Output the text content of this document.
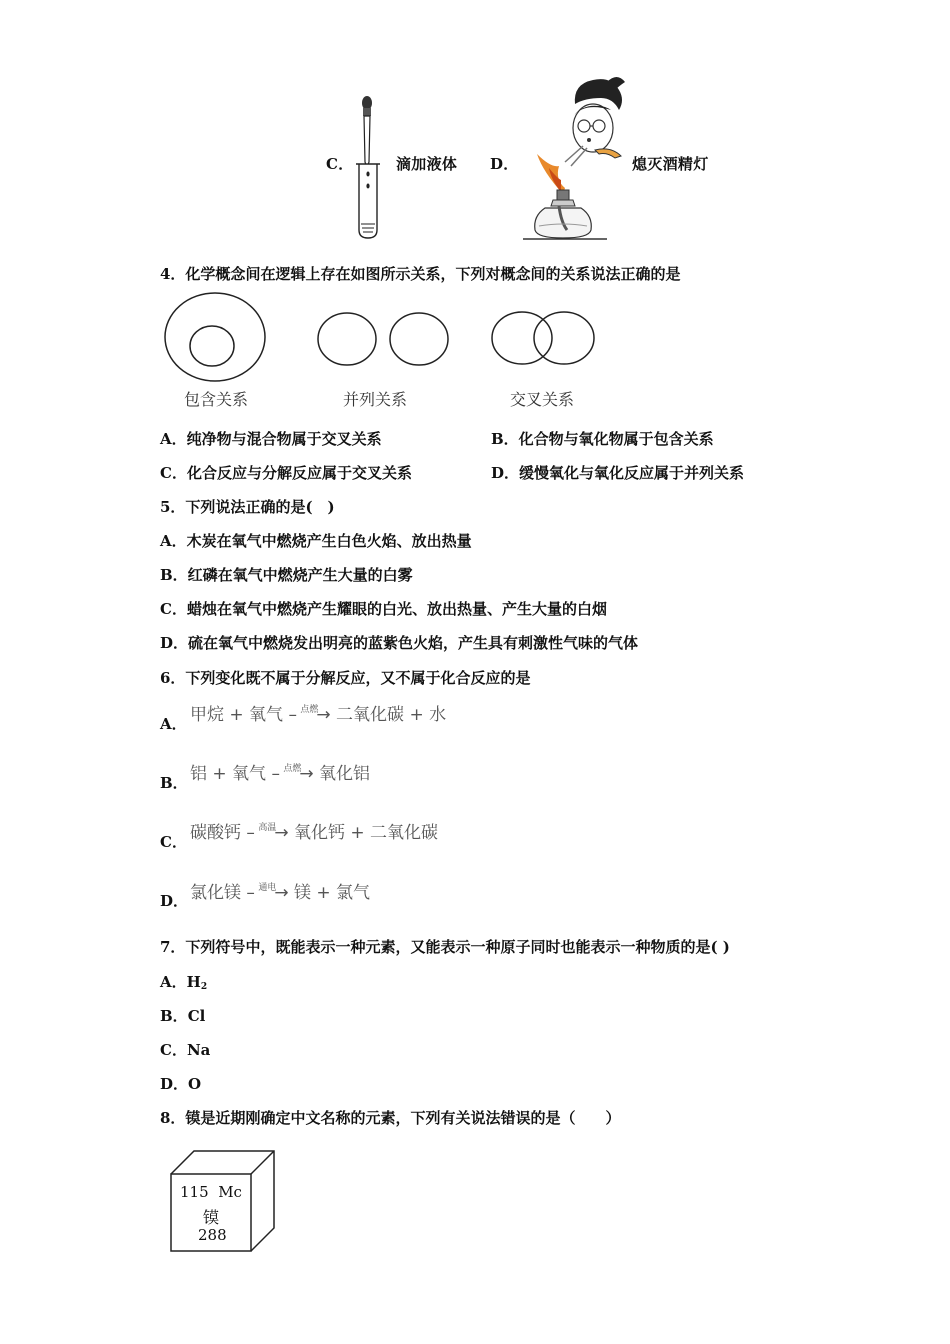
C．	滴加液体 D．	熄灭酒精灯
4．化学概念间在逻辑上存在如图所示关系，下列对概念间的关系说法正确的是
包含关系	并列关系	交叉关系
A．纯净物与混合物属于交叉关系	B．化合物与氧化物属于包含关系
C．化合反应与分解反应属于交叉关系	D．缓慢氧化与氧化反应属于并列关系
5．下列说法正确的是(　)
A．木炭在氧气中燃烧产生白色火焰、放出热量
B．红磷在氧气中燃烧产生大量的白雾
C．蜡烛在氧气中燃烧产生耀眼的白光、放出热量、产生大量的白烟
D．硫在氧气中燃烧发出明亮的蓝紫色火焰，产生具有刺激性气味的气体
6．下列变化既不属于分解反应，又不属于化合反应的是
A． 甲烷 + 氧气 – $^{点燃}$→ 二氧化碳 + 水
B． 铝 + 氧气 – $^{点燃}$→ 氧化铝
C． 碳酸钙 – $^{高温}$→ 氧化钙 + 二氧化碳
D． 氯化镁 – $^{通电}$→ 镁 + 氯气
7．下列符号中，既能表示一种元素，又能表示一种原子同时也能表示一种物质的是( )
A．$H_2$
B．Cl
C．Na
D．O
8．镆是近期刚确定中文名称的元素，下列有关说法错误的是（　　）
115 Mc
镆
288
